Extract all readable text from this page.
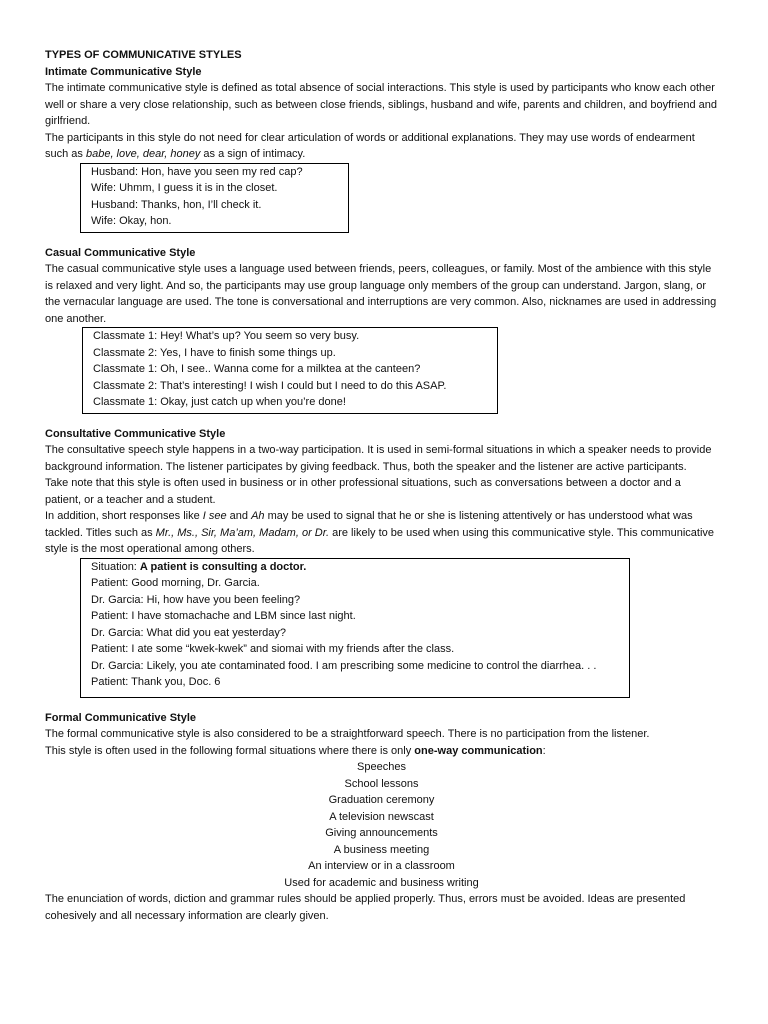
TYPES OF COMMUNICATIVE STYLES

Intimate Communicative Style

The intimate communicative style is defined as total absence of social interactions. This style is used by participants who know each other well or share a very close relationship, such as between close friends, siblings, husband and wife, parents and children, and boyfriend and girlfriend.

The participants in this style do not need for clear articulation of words or additional explanations. They may use words of endearment such as babe, love, dear, honey as a sign of intimacy.

Husband: Hon, have you seen my red cap?
Wife: Uhmm, I guess it is in the closet.
Husband: Thanks, hon, I’ll check it.
Wife: Okay, hon.

Casual Communicative Style

The casual communicative style uses a language used between friends, peers, colleagues, or family. Most of the ambience with this style is relaxed and very light. And so, the participants may use group language only members of the group can understand. Jargon, slang, or the vernacular language are used. The tone is conversational and interruptions are very common. Also, nicknames are used in addressing one another.

Classmate 1: Hey! What’s up? You seem so very busy.
Classmate 2: Yes, I have to finish some things up.
Classmate 1: Oh, I see.. Wanna come for a milktea at the canteen?
Classmate 2: That’s interesting! I wish I could but I need to do this ASAP.
Classmate 1: Okay, just catch up when you’re done!

Consultative Communicative Style

The consultative speech style happens in a two-way participation. It is used in semi-formal situations in which a speaker needs to provide background information. The listener participates by giving feedback. Thus, both the speaker and the listener are active participants.

Take note that this style is often used in business or in other professional situations, such as conversations between a doctor and a patient, or a teacher and a student.

In addition, short responses like I see and Ah may be used to signal that he or she is listening attentively or has understood what was tackled. Titles such as Mr., Ms., Sir, Ma’am, Madam, or Dr. are likely to be used when using this communicative style. This communicative style is the most operational among others.

Situation: A patient is consulting a doctor.
Patient: Good morning, Dr. Garcia.
Dr. Garcia: Hi, how have you been feeling?
Patient: I have stomachache and LBM since last night.
Dr. Garcia: What did you eat yesterday?
Patient: I ate some “kwek-kwek” and siomai with my friends after the class.
Dr. Garcia: Likely, you ate contaminated food. I am prescribing some medicine to control the diarrhea. . .
Patient: Thank you, Doc. 6

Formal Communicative Style

The formal communicative style is also considered to be a straightforward speech. There is no participation from the listener.

This style is often used in the following formal situations where there is only one-way communication:

Speeches
School lessons
Graduation ceremony
A television newscast
Giving announcements
A business meeting
An interview or in a classroom
Used for academic and business writing

The enunciation of words, diction and grammar rules should be applied properly. Thus, errors must be avoided. Ideas are presented cohesively and all necessary information are clearly given.
